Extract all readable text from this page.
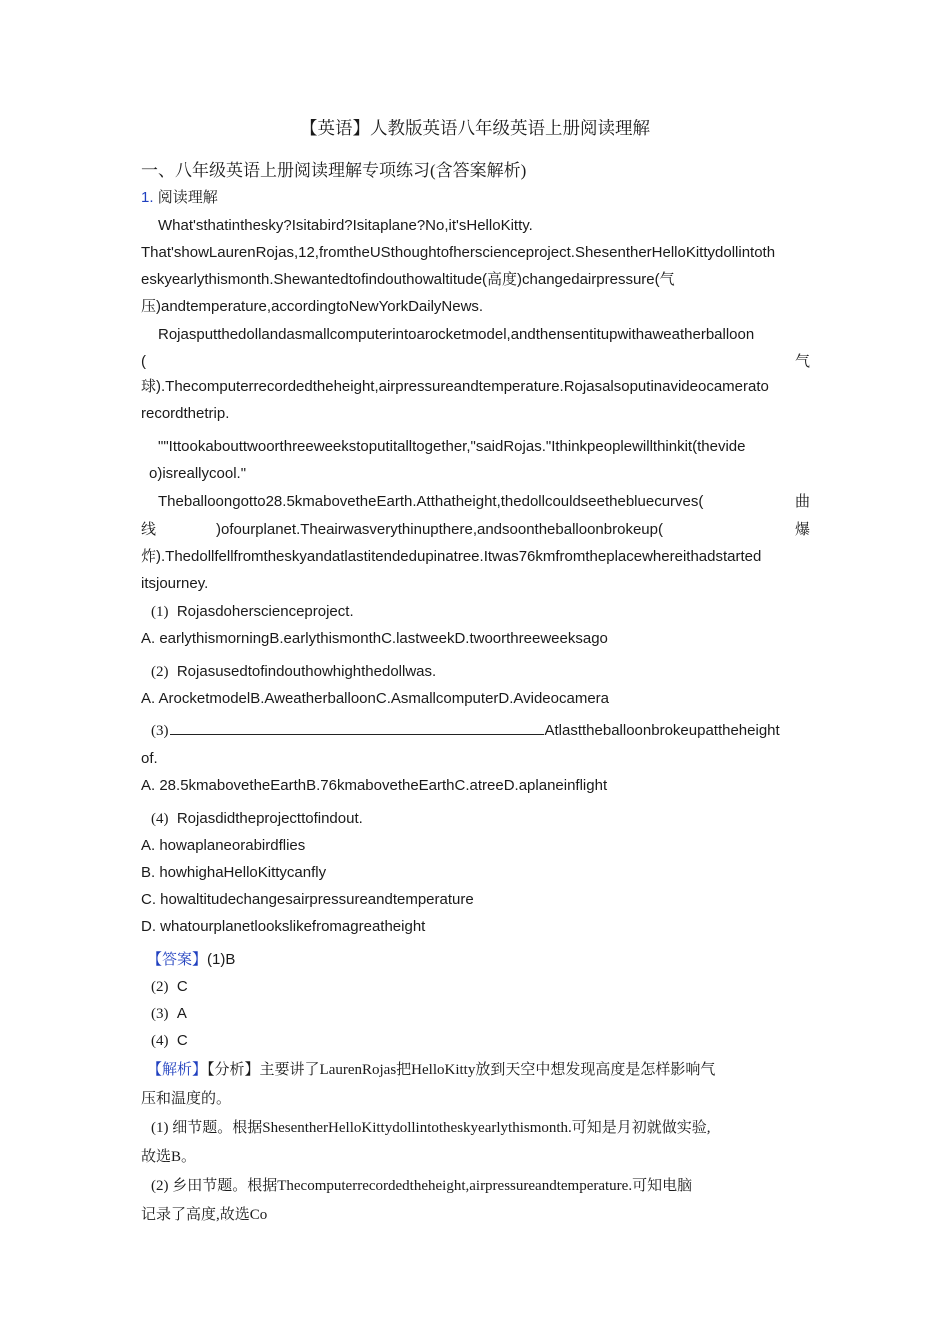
【英语】人教版英语八年级英语上册阅读理解
一、八年级英语上册阅读理解专项练习(含答案解析)
1. 阅读理解
What'sthatinthesky?Isitabird?Isitaplane?No,it'sHelloKitty.
That'showLaurenRojas,12,fromtheUSthoughtofherscienceproject.ShesentherHelloKittydollintoth
eskyearlythismonth.Shewantedtofindouthowaltitude(高度)changedairpressure(气
压)andtemperature,accordingtoNewYorkDailyNews.
Rojasputthedollandasmallcomputerintoarocketmodel,andthensentitupwithaweatherballoon
(	气
球).Thecomputerrecordedtheheight,airpressureandtemperature.Rojasalsoputinavideocamerato
recordthetrip.
""Ittookabouttwoorthreeweekstoputitalltogether,"saidRojas."Ithinkpeoplewillthinkit(thevide
o)isreallycool."
Theballoongotto28.5kmabovetheEarth.Atthatheight,thedollcouldseethebluecurves(	曲
线	)ofourplanet.Theairwasverythinupthere,andsoontheballoonbrokeup(	爆
炸).Thedollfellfromtheskyandatlastitendedupinatree.Itwas76kmfromtheplacewhereithadstarted
itsjourney.
(1) Rojasdoherscienceproject.
A. earlythismorningB.earlythismonthC.lastweekD.twoorthreeweeksago
(2) Rojasusedtofindouthowhighthedollwas.
A. ArocketmodelB.AweatherballoonC.AsmallcomputerD.Avideocamera
(3)	Atlasttheballoonbrokeupattheheight
of.
A. 28.5kmabovetheEarthB.76kmabovetheEarthC.atreeD.aplaneinflight
(4) Rojasdidtheprojecttofindout.
A. howaplaneorabirdflies
B. howhighaHelloKittycanfly
C. howaltitudechangesairpressureandtemperature
D. whatourplanetlookslikefromagreatheight
【答案】(1)B
(2) C
(3) A
(4) C
【解析】【分析】主要讲了LaurenRojas把HelloKitty放到天空中想发现高度是怎样影响气
压和温度的。
(1) 细节题。根据ShesentherHelloKittydollintotheskyearlythismonth.可知是月初就做实验,
故选B。
(2) 乡田节题。根据Thecomputerrecordedtheheight,airpressureandtemperature.可知电脑
记录了高度,故选Co
